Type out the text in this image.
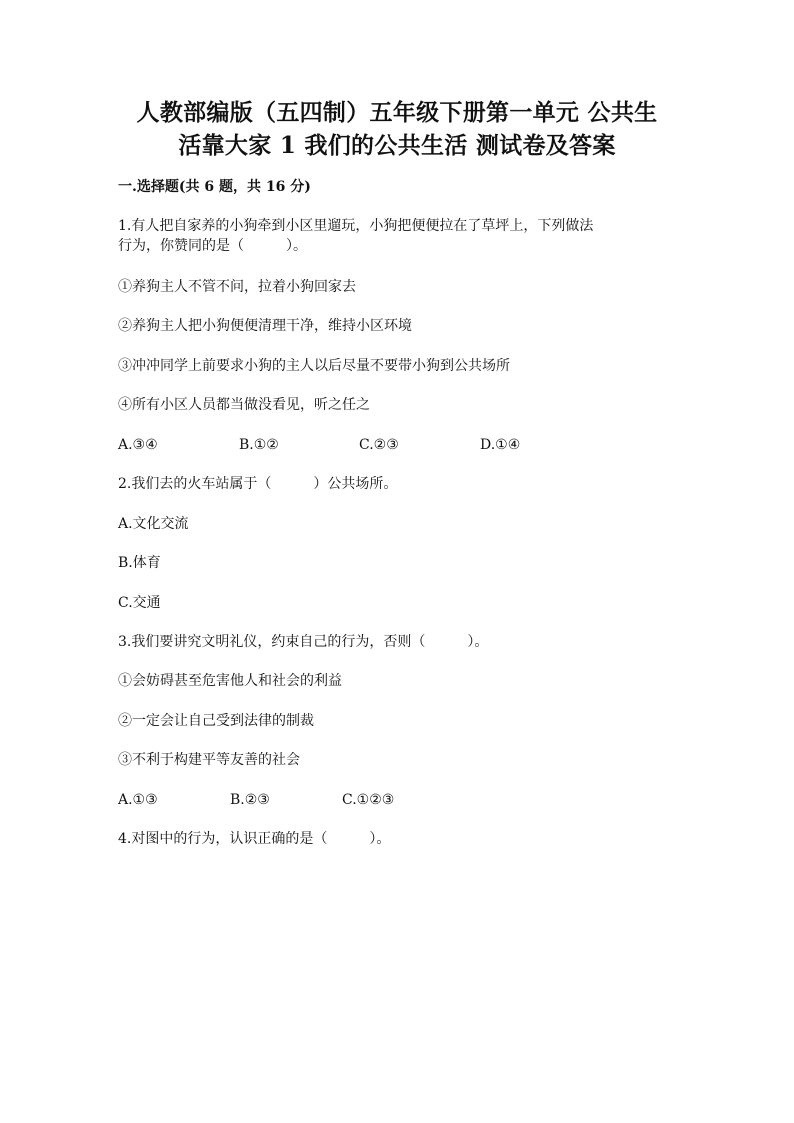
人教部编版（五四制）五年级下册第一单元 公共生
活靠大家 1 我们的公共生活 测试卷及答案
一.选择题(共 6 题，共 16 分)
1.有人把自家养的小狗牵到小区里遛玩，小狗把便便拉在了草坪上，下列做法
行为，你赞同的是（　　　）。
①养狗主人不管不问，拉着小狗回家去
②养狗主人把小狗便便清理干净，维持小区环境
③冲冲同学上前要求小狗的主人以后尽量不要带小狗到公共场所
④所有小区人员都当做没看见，听之任之
A.③④	B.①②	C.②③	D.①④
2.我们去的火车站属于（　　　）公共场所。
A.文化交流
B.体育
C.交通
3.我们要讲究文明礼仪，约束自己的行为，否则（　　　）。
①会妨碍甚至危害他人和社会的利益
②一定会让自己受到法律的制裁
③不利于构建平等友善的社会
A.①③	B.②③	C.①②③
4.对图中的行为，认识正确的是（　　　）。
